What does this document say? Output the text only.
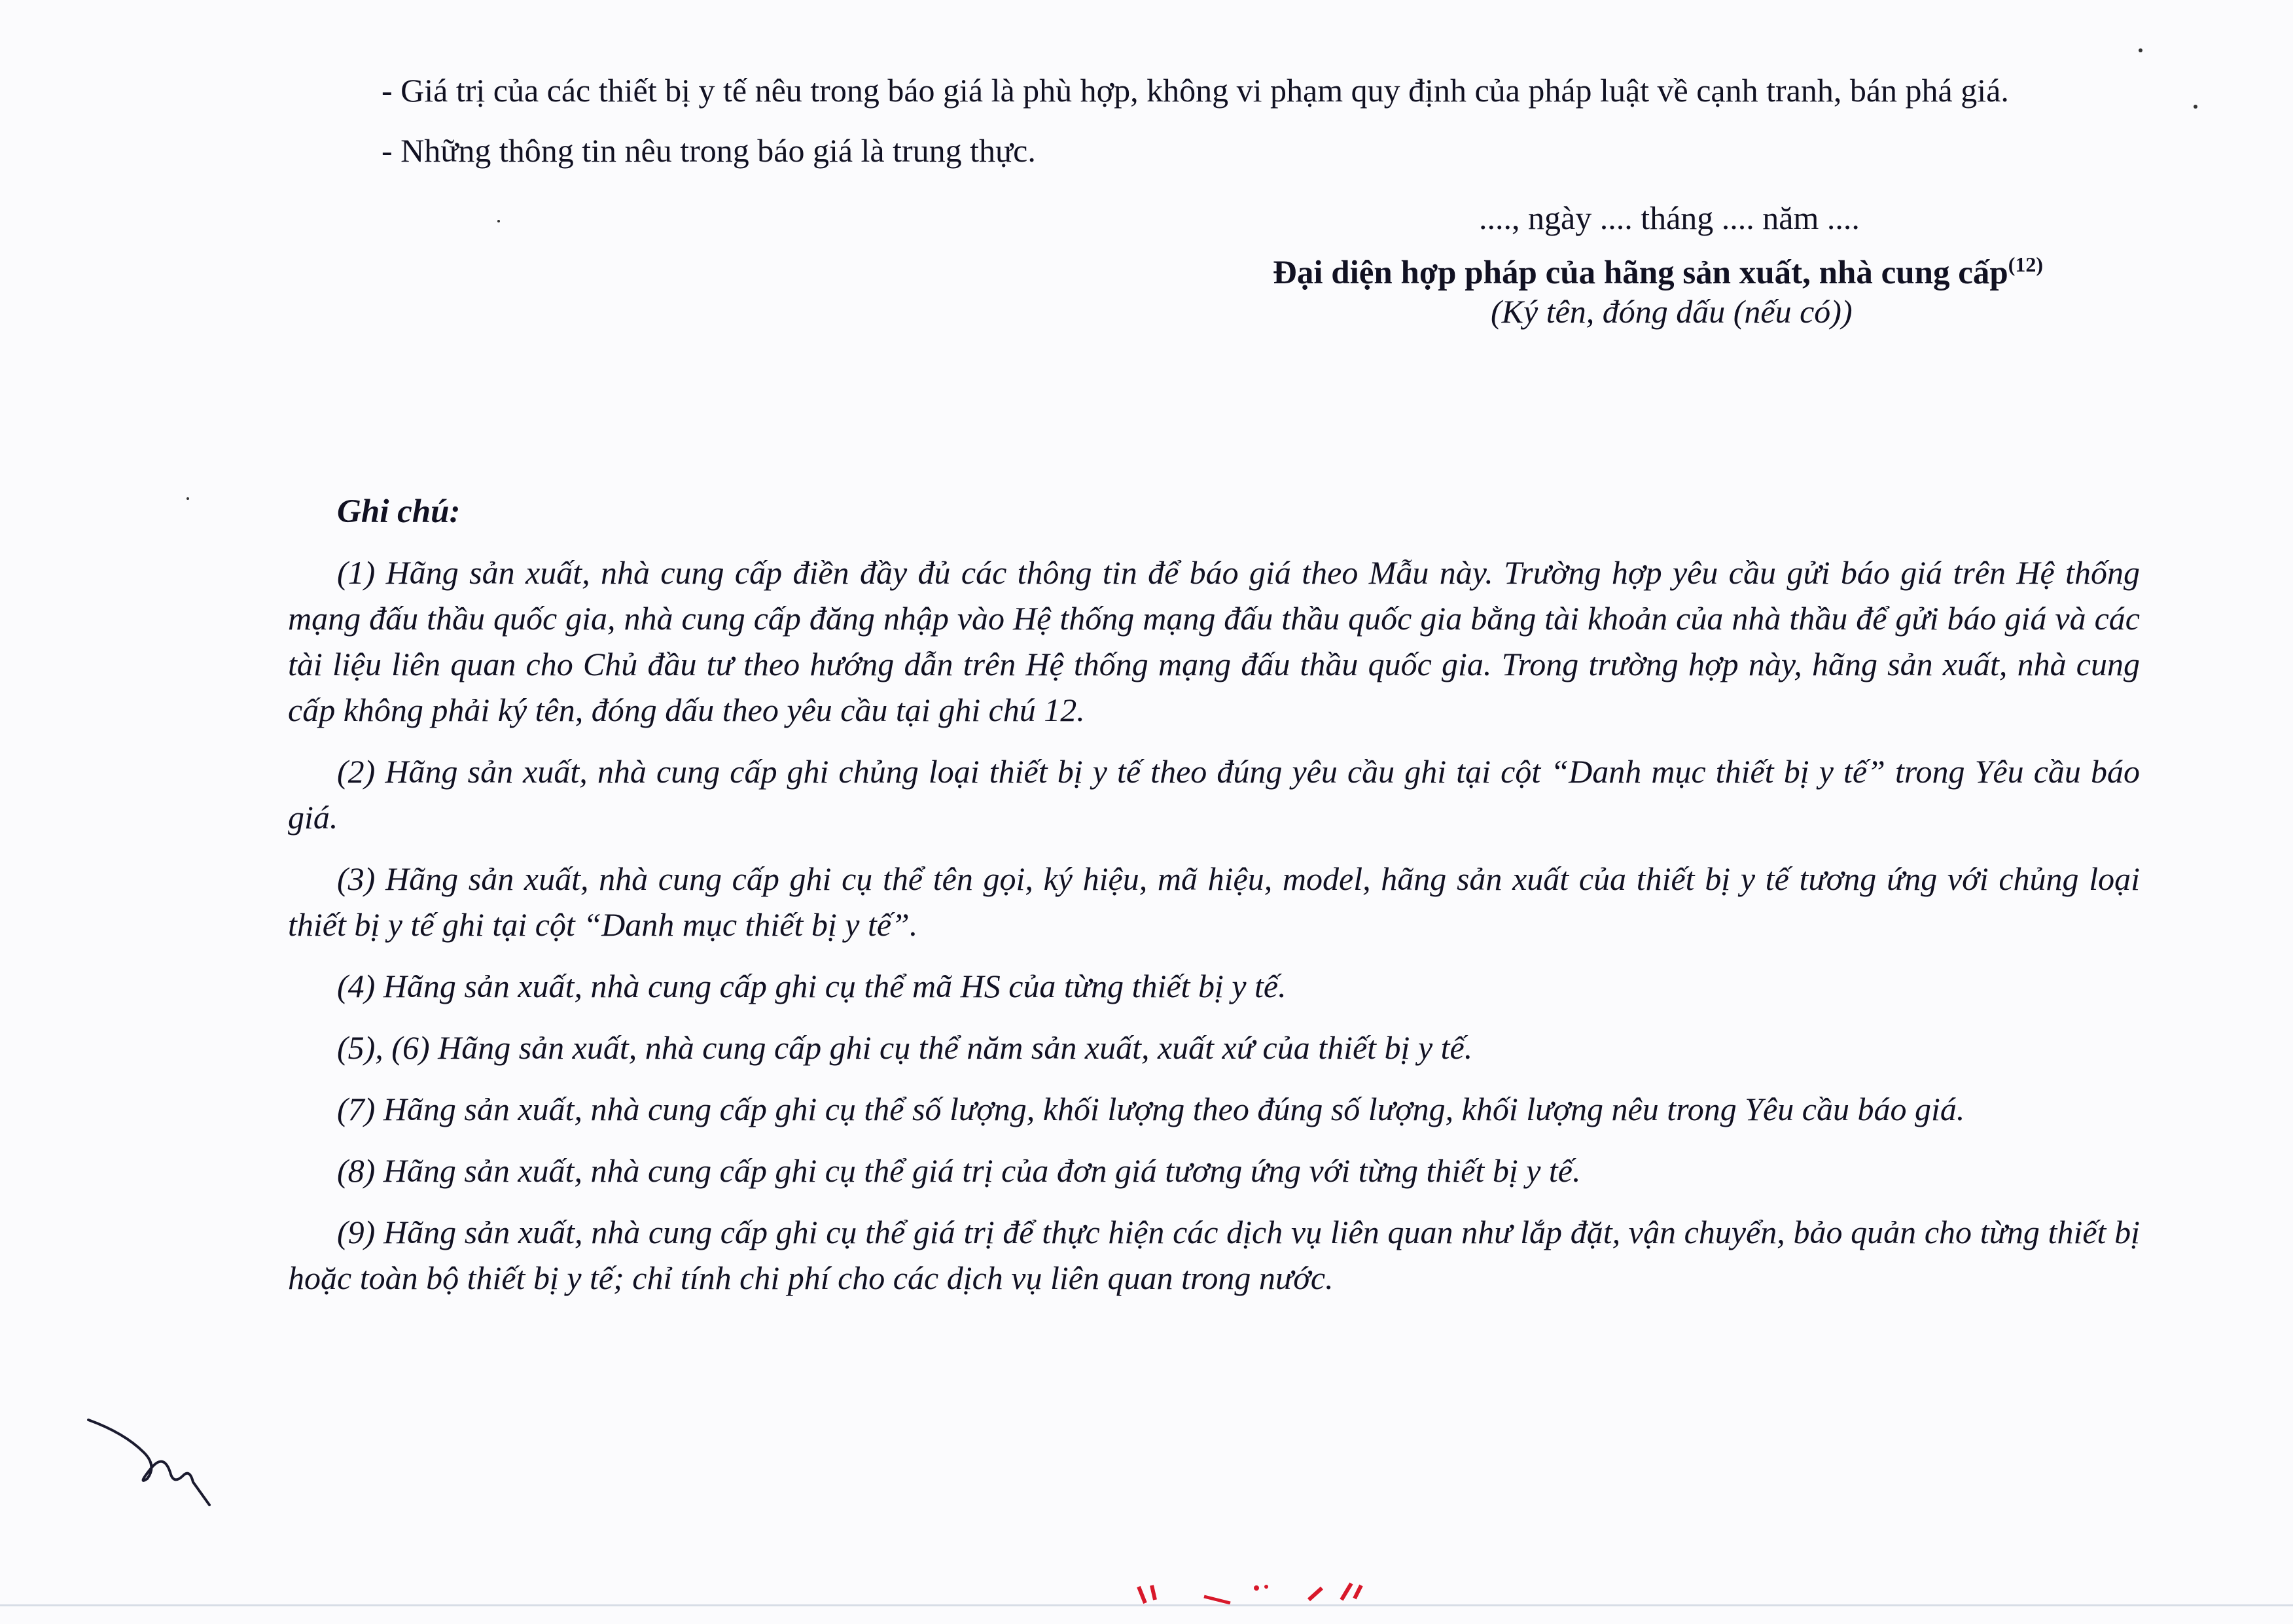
- Giá trị của các thiết bị y tế nêu trong báo giá là phù hợp, không vi phạm quy định của pháp luật về cạnh tranh, bán phá giá.
- Những thông tin nêu trong báo giá là trung thực.
...., ngày .... tháng .... năm ....
Đại diện hợp pháp của hãng sản xuất, nhà cung cấp$^{(12)}$
(Ký tên, đóng dấu (nếu có))
Ghi chú:

(1) Hãng sản xuất, nhà cung cấp điền đầy đủ các thông tin để báo giá theo Mẫu này. Trường hợp yêu cầu gửi báo giá trên Hệ thống mạng đấu thầu quốc gia, nhà cung cấp đăng nhập vào Hệ thống mạng đấu thầu quốc gia bằng tài khoản của nhà thầu để gửi báo giá và các tài liệu liên quan cho Chủ đầu tư theo hướng dẫn trên Hệ thống mạng đấu thầu quốc gia. Trong trường hợp này, hãng sản xuất, nhà cung cấp không phải ký tên, đóng dấu theo yêu cầu tại ghi chú 12.

(2) Hãng sản xuất, nhà cung cấp ghi chủng loại thiết bị y tế theo đúng yêu cầu ghi tại cột “Danh mục thiết bị y tế” trong Yêu cầu báo giá.

(3) Hãng sản xuất, nhà cung cấp ghi cụ thể tên gọi, ký hiệu, mã hiệu, model, hãng sản xuất của thiết bị y tế tương ứng với chủng loại thiết bị y tế ghi tại cột “Danh mục thiết bị y tế”.

(4) Hãng sản xuất, nhà cung cấp ghi cụ thể mã HS của từng thiết bị y tế.

(5), (6) Hãng sản xuất, nhà cung cấp ghi cụ thể năm sản xuất, xuất xứ của thiết bị y tế.

(7) Hãng sản xuất, nhà cung cấp ghi cụ thể số lượng, khối lượng theo đúng số lượng, khối lượng nêu trong Yêu cầu báo giá.

(8) Hãng sản xuất, nhà cung cấp ghi cụ thể giá trị của đơn giá tương ứng với từng thiết bị y tế.

(9) Hãng sản xuất, nhà cung cấp ghi cụ thể giá trị để thực hiện các dịch vụ liên quan như lắp đặt, vận chuyển, bảo quản cho từng thiết bị hoặc toàn bộ thiết bị y tế; chỉ tính chi phí cho các dịch vụ liên quan trong nước.
